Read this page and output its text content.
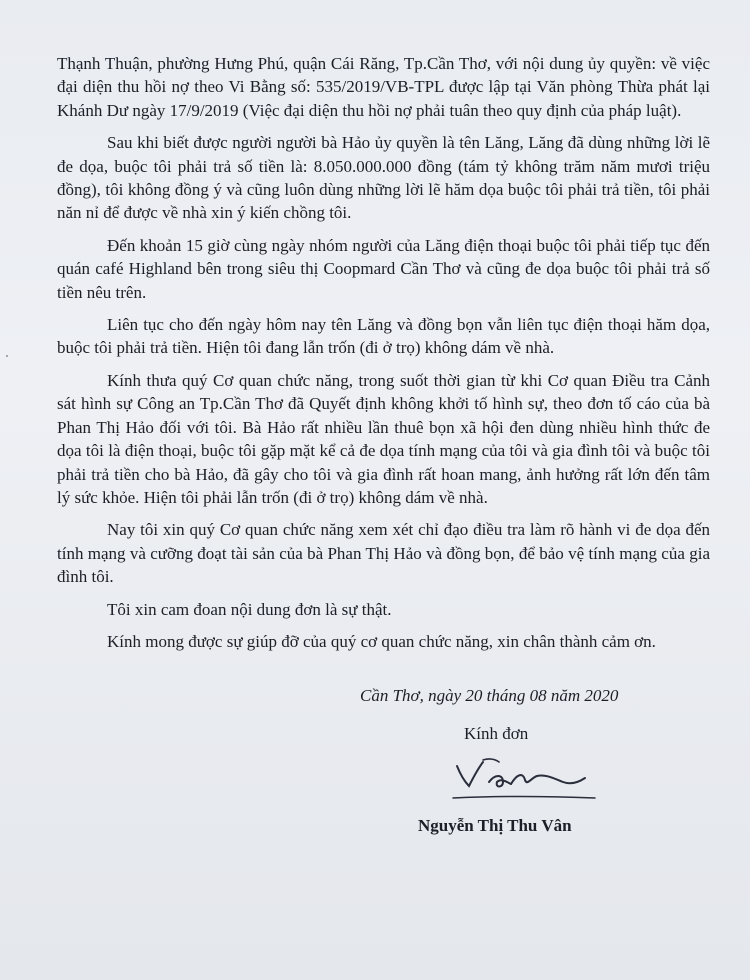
Thạnh Thuận, phường Hưng Phú, quận Cái Răng, Tp.Cần Thơ, với nội dung ủy quyền: về việc đại diện thu hồi nợ theo Vi Bằng số: 535/2019/VB-TPL được lập tại Văn phòng Thừa phát lại Khánh Dư ngày 17/9/2019 (Việc đại diện thu hồi nợ phải tuân theo quy định của pháp luật).

Sau khi biết được người người bà Hảo ủy quyền là tên Lăng, Lăng đã dùng những lời lẽ đe dọa, buộc tôi phải trả số tiền là: 8.050.000.000 đồng (tám tỷ không trăm năm mươi triệu đồng), tôi không đồng ý và cũng luôn dùng những lời lẽ hăm dọa buộc tôi phải trả tiền, tôi phải năn nỉ để được về nhà xin ý kiến chồng tôi.

Đến khoản 15 giờ cùng ngày nhóm người của Lăng điện thoại buộc tôi phải tiếp tục đến quán café Highland bên trong siêu thị Coopmard Cần Thơ và cũng đe dọa buộc tôi phải trả số tiền nêu trên.

Liên tục cho đến ngày hôm nay tên Lăng và đồng bọn vẫn liên tục điện thoại hăm dọa, buộc tôi phải trả tiền. Hiện tôi đang lẫn trốn (đi ở trọ) không dám về nhà.

Kính thưa quý Cơ quan chức năng, trong suốt thời gian từ khi Cơ quan Điều tra Cảnh sát hình sự Công an Tp.Cần Thơ đã Quyết định không khởi tố hình sự, theo đơn tố cáo của bà Phan Thị Hảo đối với tôi. Bà Hảo rất nhiều lần thuê bọn xã hội đen dùng nhiều hình thức đe dọa tôi là điện thoại, buộc tôi gặp mặt kể cả đe dọa tính mạng của tôi và gia đình tôi và buộc tôi phải trả tiền cho bà Hảo, đã gây cho tôi và gia đình rất hoan mang, ảnh hưởng rất lớn đến tâm lý sức khỏe. Hiện tôi phải lẫn trốn (đi ở trọ) không dám về nhà.

Nay tôi xin quý Cơ quan chức năng xem xét chỉ đạo điều tra làm rõ hành vi đe dọa đến tính mạng và cưỡng đoạt tài sản của bà Phan Thị Hảo và đồng bọn, để bảo vệ tính mạng của gia đình tôi.

Tôi xin cam đoan nội dung đơn là sự thật.

Kính mong được sự giúp đỡ của quý cơ quan chức năng, xin chân thành cảm ơn.

Cần Thơ, ngày 20 tháng 08 năm 2020
Kính đơn
Nguyễn Thị Thu Vân
